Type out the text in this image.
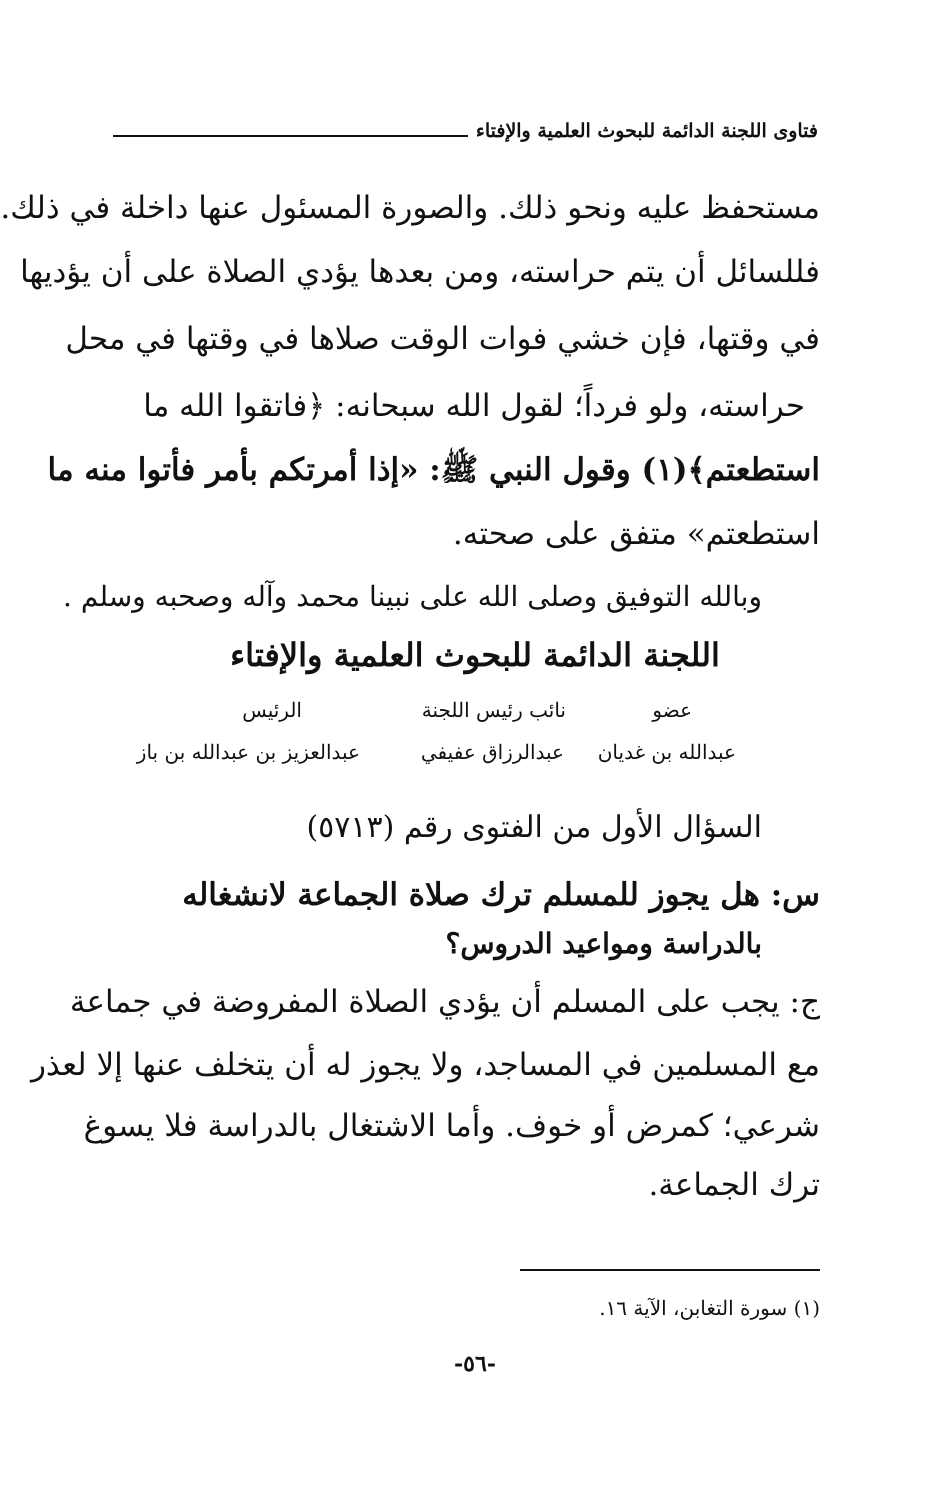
فتاوى اللجنة الدائمة للبحوث العلمية والإفتاء
مستحفظ عليه ونحو ذلك. والصورة المسئول عنها داخلة في ذلك.
فللسائل أن يتم حراسته، ومن بعدها يؤدي الصلاة على أن يؤديها
في وقتها، فإن خشي فوات الوقت صلاها في وقتها في محل
حراسته، ولو فرداً؛ لقول الله سبحانه: ﴿فاتقوا الله ما
استطعتم﴾(١) وقول النبي ﷺ: «إذا أمرتكم بأمر فأتوا منه ما
استطعتم» متفق على صحته.
وبالله التوفيق وصلى الله على نبينا محمد وآله وصحبه وسلم .
اللجنة الدائمة للبحوث العلمية والإفتاء
عضو
نائب رئيس اللجنة
الرئيس
عبدالله بن غديان
عبدالرزاق عفيفي
عبدالعزيز بن عبدالله بن باز
السؤال الأول من الفتوى رقم (٥٧١٣)
س: هل يجوز للمسلم ترك صلاة الجماعة لانشغاله
بالدراسة ومواعيد الدروس؟
ج: يجب على المسلم أن يؤدي الصلاة المفروضة في جماعة
مع المسلمين في المساجد، ولا يجوز له أن يتخلف عنها إلا لعذر
شرعي؛ كمرض أو خوف. وأما الاشتغال بالدراسة فلا يسوغ
ترك الجماعة.
(١) سورة التغابن، الآية ١٦.
-٥٦-
